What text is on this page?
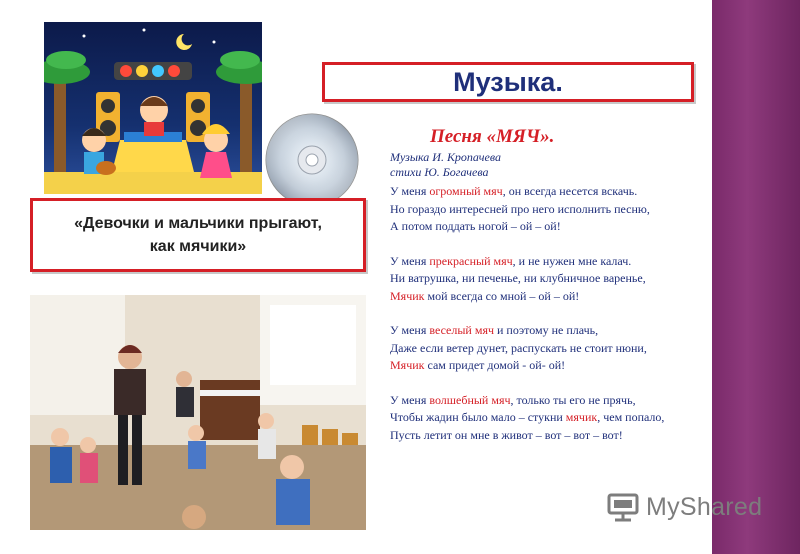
Музыка.
Песня «МЯЧ».
Музыка И. Кропачева
стихи Ю. Богачева
У меня огромный мяч, он всегда несется вскачь.
Но гораздо интересней про него исполнить песню,
А потом поддать ногой – ой – ой!
У меня прекрасный мяч, и не нужен мне калач.
Ни ватрушка, ни печенье, ни клубничное варенье,
Мячик мой всегда со мной – ой – ой!
У меня веселый мяч и поэтому не плачь,
Даже если ветер дунет, распускать не стоит нюни,
Мячик сам придет домой - ой- ой!
У меня волшебный мяч, только ты его не прячь,
Чтобы жадин было мало – стукни мячик, чем попало,
Пусть летит он мне в живот – вот – вот – вот!
«Девочки и мальчики прыгают,
как мячики»
MyShared
